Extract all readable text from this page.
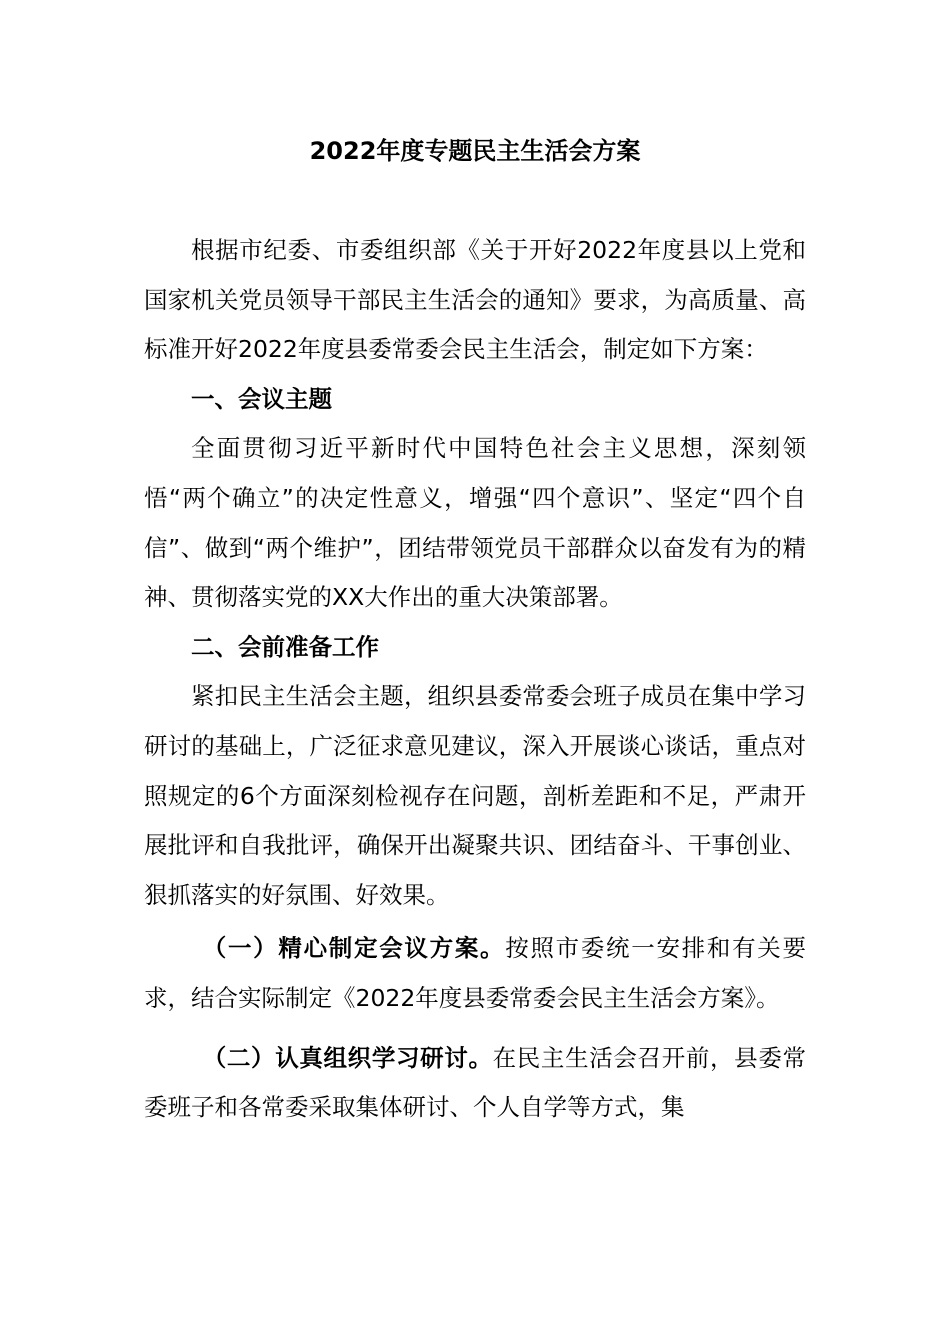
2022年度专题民主生活会方案

根据市纪委、市委组织部《关于开好2022年度县以上党和国家机关党员领导干部民主生活会的通知》要求，为高质量、高标准开好2022年度县委常委会民主生活会，制定如下方案：

一、会议主题

全面贯彻习近平新时代中国特色社会主义思想，深刻领悟“两个确立”的决定性意义，增强“四个意识”、坚定“四个自信”、做到“两个维护”，团结带领党员干部群众以奋发有为的精神、贯彻落实党的XX大作出的重大决策部署。

二、会前准备工作

紧扣民主生活会主题，组织县委常委会班子成员在集中学习研讨的基础上，广泛征求意见建议，深入开展谈心谈话，重点对照规定的6个方面深刻检视存在问题，剖析差距和不足，严肃开展批评和自我批评，确保开出凝聚共识、团结奋斗、干事创业、狠抓落实的好氛围、好效果。

（一）精心制定会议方案。按照市委统一安排和有关要求，结合实际制定《2022年度县委常委会民主生活会方案》。

（二）认真组织学习研讨。在民主生活会召开前，县委常委班子和各常委采取集体研讨、个人自学等方式，集
